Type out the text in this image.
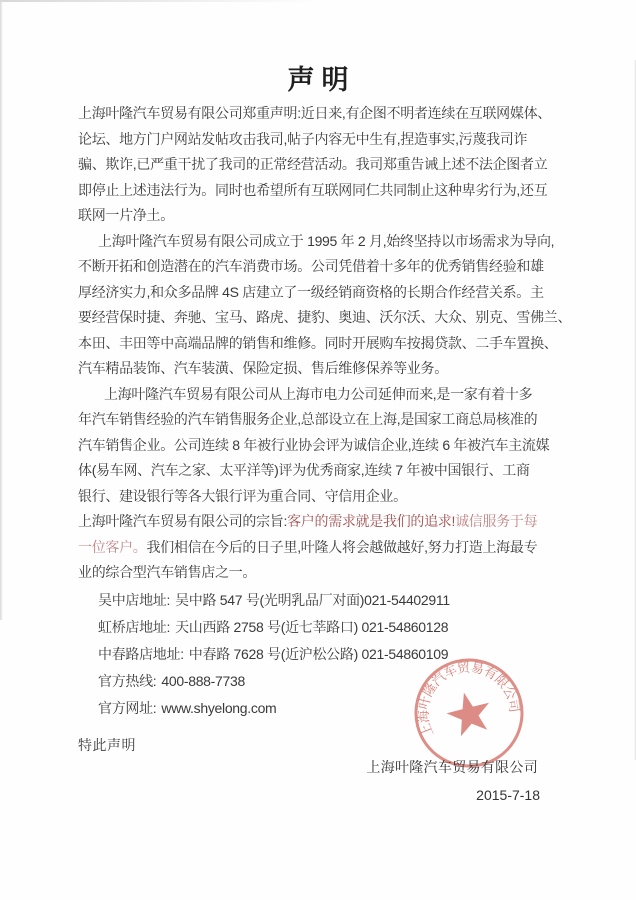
声明
上海叶隆汽车贸易有限公司郑重声明:近日来,有企图不明者连续在互联网媒体、
论坛、地方门户网站发帖攻击我司,帖子内容无中生有,捏造事实,污蔑我司诈
骗、欺诈,已严重干扰了我司的正常经营活动。我司郑重告诫上述不法企图者立
即停止上述违法行为。同时也希望所有互联网同仁共同制止这种卑劣行为,还互
联网一片净土。
上海叶隆汽车贸易有限公司成立于 1995 年 2 月,始终坚持以市场需求为导向,
不断开拓和创造潜在的汽车消费市场。公司凭借着十多年的优秀销售经验和雄
厚经济实力,和众多品牌 4S 店建立了一级经销商资格的长期合作经营关系。主
要经营保时捷、奔驰、宝马、路虎、捷豹、奥迪、沃尔沃、大众、别克、雪佛兰、
本田、丰田等中高端品牌的销售和维修。同时开展购车按揭贷款、二手车置换、
汽车精品装饰、汽车装潢、保险定损、售后维修保养等业务。
上海叶隆汽车贸易有限公司从上海市电力公司延伸而来,是一家有着十多
年汽车销售经验的汽车销售服务企业,总部设立在上海,是国家工商总局核准的
汽车销售企业。公司连续 8 年被行业协会评为诚信企业,连续 6 年被汽车主流媒
体(易车网、汽车之家、太平洋等)评为优秀商家,连续 7 年被中国银行、工商
银行、建设银行等各大银行评为重合同、守信用企业。
上海叶隆汽车贸易有限公司的宗旨:客户的需求就是我们的追求!诚信服务于每
一位客户。我们相信在今后的日子里,叶隆人将会越做越好,努力打造上海最专
业的综合型汽车销售店之一。
吴中店地址: 吴中路 547 号(光明乳品厂对面)021-54402911
虹桥店地址: 天山西路 2758 号(近七莘路口) 021-54860128
中春路店地址: 中春路 7628 号(近沪松公路) 021-54860109
官方热线: 400-888-7738
官方网址: www.shyelong.com
上海叶隆汽车贸易有限公司
特此声明
上海叶隆汽车贸易有限公司
2015-7-18
